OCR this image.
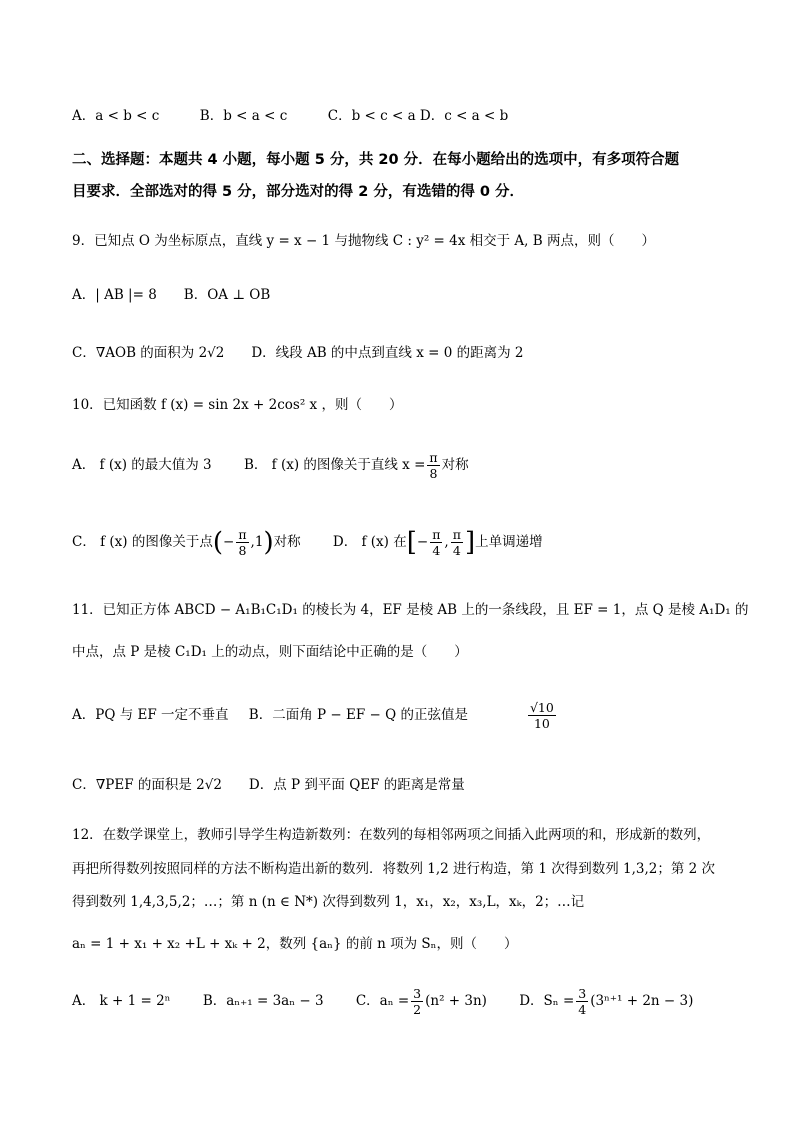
A．a < b < c　　　B．b < a < c　　　C．b < c < a D．c < a < b
二、选择题：本题共 4 小题，每小题 5 分，共 20 分．在每小题给出的选项中，有多项符合题
目要求．全部选对的得 5 分，部分选对的得 2 分，有选错的得 0 分．
9．已知点 O 为坐标原点，直线 y = x − 1 与抛物线 C : y² = 4x 相交于 A, B 两点，则（　　）
A．| AB |= 8　　B．OA ⊥ OB
C．∇AOB 的面积为 2√2　　D．线段 AB 的中点到直线 x = 0 的距离为 2
10．已知函数 f (x) = sin 2x + 2cos² x ，则（　　）
A． f (x) 的最大值为 3 B． f (x) 的图像关于直线 $x = \frac{\pi}{8}$ 对称
C． f (x) 的图像关于点(− $\frac{\pi}{8} ,1$)对称 D． f (x) 在[− $\frac{\pi}{4}$ , $\frac{\pi}{4}$ ]上单调递增
11．已知正方体 ABCD − A₁B₁C₁D₁ 的棱长为 4，EF 是棱 AB 上的一条线段，且 EF = 1，点 Q 是棱 A₁D₁ 的
中点，点 P 是棱 C₁D₁ 上的动点，则下面结论中正确的是（　　）
A．PQ 与 EF 一定不垂直 B．二面角 P − EF − Q 的正弦值是	$\frac{√10}{10}$
C．∇PEF 的面积是 2√2　　D．点 P 到平面 QEF 的距离是常量
12．在数学课堂上，教师引导学生构造新数列：在数列的每相邻两项之间插入此两项的和，形成新的数列，
再把所得数列按照同样的方法不断构造出新的数列．将数列 1,2 进行构造，第 1 次得到数列 1,3,2；第 2 次
得到数列 1,4,3,5,2；…；第 n (n ∈ N*) 次得到数列 1，x₁，x₂，x₃,L，xₖ，2；…记
aₙ = 1 + x₁ + x₂ +L + xₖ + 2，数列 {aₙ} 的前 n 项为 Sₙ，则（　　）
A． k + 1 = 2ⁿ B．aₙ₊₁ = 3aₙ − 3 C．$a_n = \frac{3}{2} (n^2 + 3n)$ D．$S_n = \frac{3}{4} (3^{n+1} + 2n - 3)$
